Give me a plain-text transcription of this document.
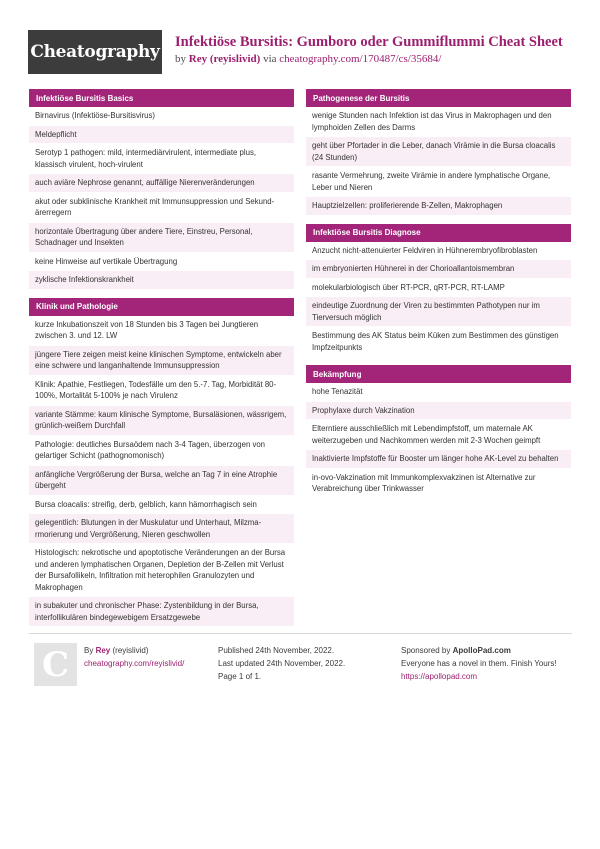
Cheatography Infektiöse Bursitis: Gumboro oder Gummiflummi Cheat Sheet
by Rey (reyislivid) via cheatography.com/170487/cs/35684/
Infektiöse Bursitis Basics
Birnavirus (Infektiöse-Bursitisvirus)
Meldepflicht
Serotyp 1 pathogen: mild, intermediärvirulent, intermediate plus, klassisch virulent, hoch-virulent
auch aviäre Nephrose genannt, auffällige Nierenveränderungen
akut oder subklinische Krankheit mit Immunsuppression und Sekundärerregern
horizontale Übertragung über andere Tiere, Einstreu, Personal, Schadnager und Insekten
keine Hinweise auf vertikale Übertragung
zyklische Infektionskrankheit
Klinik und Pathologie
kurze Inkubationszeit von 18 Stunden bis 3 Tagen bei Jungtieren zwischen 3. und 12. LW
jüngere Tiere zeigen meist keine klinischen Symptome, entwickeln aber eine schwere und langanhaltende Immunsuppression
Klinik: Apathie, Festliegen, Todesfälle um den 5.-7. Tag, Morbidität 80-100%, Mortalität 5-100% je nach Virulenz
variante Stämme: kaum klinische Symptome, Bursaläsionen, wässrigem, grünlich-weißem Durchfall
Pathologie: deutliches Bursaödem nach 3-4 Tagen, überzogen von gelartiger Schicht (pathognomonisch)
anfängliche Vergrößerung der Bursa, welche an Tag 7 in eine Atrophie übergeht
Bursa cloacalis: streifig, derb, gelblich, kann hämorrhagisch sein
gelegentlich: Blutungen in der Muskulatur und Unterhaut, Milzmarmorierung und Vergrößerung, Nieren geschwollen
Histologisch: nekrotische und apoptotische Veränderungen an der Bursa und anderen lymphatischen Organen, Depletion der B-Zellen mit Verlust der Bursafollikeln, Infiltration mit heterophilen Granulozyten und Makrophagen
in subakuter und chronischer Phase: Zystenbildung in der Bursa, interfollikulären bindegewebigem Ersatzgewebe
Pathogenese der Bursitis
wenige Stunden nach Infektion ist das Virus in Makrophagen und den lymphoiden Zellen des Darms
geht über Pfortader in die Leber, danach Virämie in die Bursa cloacalis (24 Stunden)
rasante Vermehrung, zweite Virämie in andere lymphatische Organe, Leber und Nieren
Hauptzielzellen: proliferierende B-Zellen, Makrophagen
Infektiöse Bursitis Diagnose
Anzucht nicht-attenuierter Feldviren in Hühnerembryofibroblasten
im embryonierten Hühnerei in der Chorioallantoismembran
molekularbiologisch über RT-PCR, qRT-PCR, RT-LAMP
eindeutige Zuordnung der Viren zu bestimmten Pathotypen nur im Tierversuch möglich
Bestimmung des AK Status beim Küken zum Bestimmen des günstigen Impfzeitpunkts
Bekämpfung
hohe Tenazität
Prophylaxe durch Vakzination
Elterntiere ausschließlich mit Lebendimpfstoff, um maternale AK weiterzugeben und Nachkommen werden mit 2-3 Wochen geimpft
Inaktivierte Impfstoffe für Booster um länger hohe AK-Level zu behalten
in-ovo-Vakzination mit Immunkomplexvakzinen ist Alternative zur Verabreichung über Trinkwasser
C By Rey (reyislivid)
cheatography.com/reyislivid/
Published 24th November, 2022.
Last updated 24th November, 2022.
Page 1 of 1.
Sponsored by ApolloPad.com
Everyone has a novel in them. Finish Yours!
https://apollopad.com
